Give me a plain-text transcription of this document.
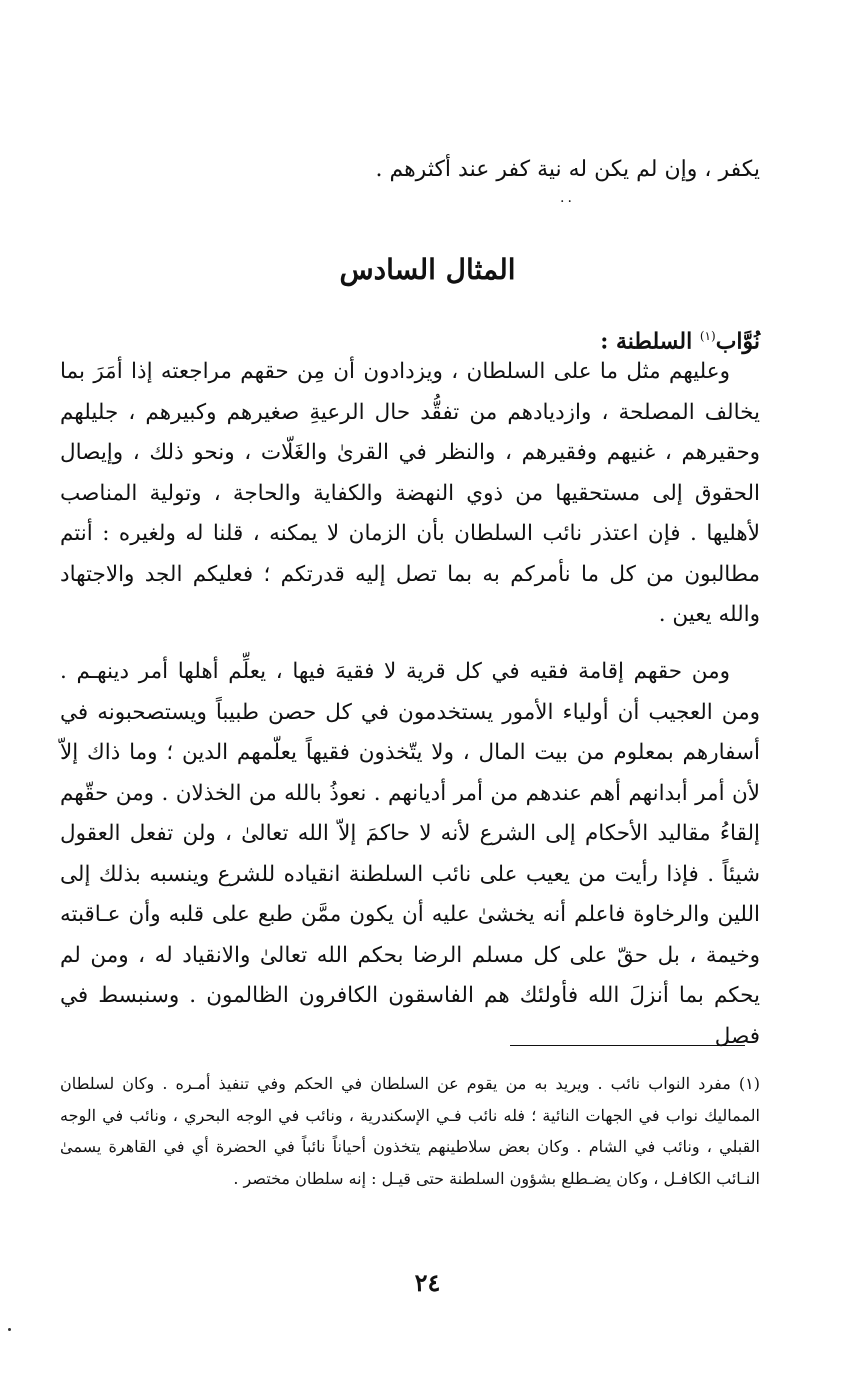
يكفر ، وإن لم يكن له نية كفر عند أكثرهم .
..
المثال السادس
نُوَّاب$^{(١)}$ السلطنة :

وعليهم مثل ما على السلطان ، ويزدادون أن مِن حقهم مراجعته إذا أمَرَ بما يخالف المصلحة ، وازديادهم من تفقُّد حال الرعيةِ صغيرهم وكبيرهم ، جليلهم وحقيرهم ، غنيهم وفقيرهم ، والنظر في القرىٰ والغَلّات ، ونحو ذلك ، وإيصال الحقوق إلى مستحقيها من ذوي النهضة والكفاية والحاجة ، وتولية المناصب لأهليها . فإن اعتذر نائب السلطان بأن الزمان لا يمكنه ، قلنا له ولغيره : أنتم مطالبون من كل ما نأمركم به بما تصل إليه قدرتكم ؛ فعليكم الجد والاجتهاد والله يعين .

ومن حقهم إقامة فقيه في كل قرية لا فقيهَ فيها ، يعلِّم أهلها أمر دينهـم . ومن العجيب أن أولياء الأمور يستخدمون في كل حصن طبيباً ويستصحبونه في أسفارهم بمعلوم من بيت المال ، ولا يتّخذون فقيهاً يعلّمهم الدين ؛ وما ذاك إلاّ لأن أمر أبدانهم أهم عندهم من أمر أديانهم . نعوذُ بالله من الخذلان . ومن حقّهم إلقاءُ مقاليد الأحكام إلى الشرع لأنه لا حاكمَ إلاّ الله تعالىٰ ، ولن تفعل العقول شيئاً . فإذا رأيت من يعيب على نائب السلطنة انقياده للشرع وينسبه بذلك إلى اللين والرخاوة فاعلم أنه يخشىٰ عليه أن يكون ممَّن طبع على قلبه وأن عـاقبته وخيمة ، بل حقّ على كل مسلم الرضا بحكم الله تعالىٰ والانقياد له ، ومن لم يحكم بما أنزلَ الله فأولئك هم الفاسقون الكافرون الظالمون . وسنبسط في فصل

(١) مفرد النواب نائب . ويريد به من يقوم عن السلطان في الحكم وفي تنفيذ أمـره . وكان لسلطان المماليك نواب في الجهات النائية ؛ فله نائب فـي الإسكندرية ، ونائب في الوجه البحري ، ونائب في الوجه القبلي ، ونائب في الشام . وكان بعض سلاطينهم يتخذون أحياناً نائباً في الحضرة أي في القاهرة يسمىٰ النـائب الكافـل ، وكان يضـطلع بشؤون السلطنة حتى قيـل : إنه سلطان مختصر .

٢٤
